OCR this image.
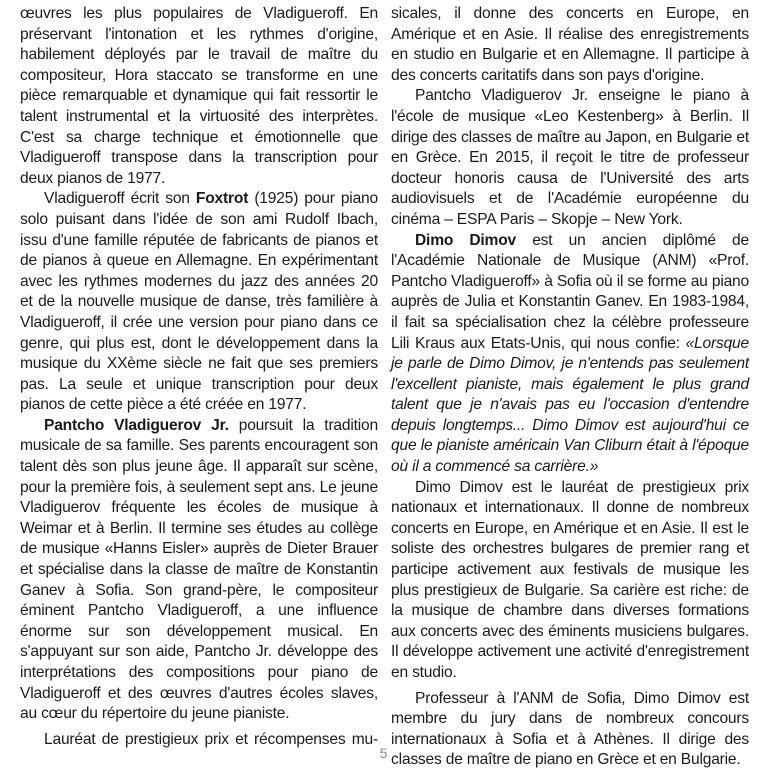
œuvres les plus populaires de Vladigueroff. En préservant l'intonation et les rythmes d'origine, habilement déployés par le travail de maître du compositeur, Hora staccato se transforme en une pièce remarquable et dynamique qui fait ressortir le talent instrumental et la virtuosité des interprètes. C'est sa charge technique et émotionnelle que Vladigueroff transpose dans la transcription pour deux pianos de 1977.

Vladigueroff écrit son Foxtrot (1925) pour piano solo puisant dans l'idée de son ami Rudolf Ibach, issu d'une famille réputée de fabricants de pianos et de pianos à queue en Allemagne. En expérimentant avec les rythmes modernes du jazz des années 20 et de la nouvelle musique de danse, très familière à Vladigueroff, il crée une version pour piano dans ce genre, qui plus est, dont le développement dans la musique du XXème siècle ne fait que ses premiers pas. La seule et unique transcription pour deux pianos de cette pièce a été créée en 1977.

Pantcho Vladiguerov Jr. poursuit la tradition musicale de sa famille. Ses parents encouragent son talent dès son plus jeune âge. Il apparaît sur scène, pour la première fois, à seulement sept ans. Le jeune Vladiguerov fréquente les écoles de musique à Weimar et à Berlin. Il termine ses études au collège de musique «Hanns Eisler» auprès de Dieter Brauer et spécialise dans la classe de maître de Konstantin Ganev à Sofia. Son grand-père, le compositeur éminent Pantcho Vladigueroff, a une influence énorme sur son développement musical. En s'appuyant sur son aide, Pantcho Jr. développe des interprétations des compositions pour piano de Vladigueroff et des œuvres d'autres écoles slaves, au cœur du répertoire du jeune pianiste.

Lauréat de prestigieux prix et récompenses mu-

sicales, il donne des concerts en Europe, en Amérique et en Asie. Il réalise des enregistrements en studio en Bulgarie et en Allemagne. Il participe à des concerts caritatifs dans son pays d'origine.

Pantcho Vladiguerov Jr. enseigne le piano à l'école de musique «Leo Kestenberg» à Berlin. Il dirige des classes de maître au Japon, en Bulgarie et en Grèce. En 2015, il reçoit le titre de professeur docteur honoris causa de l'Université des arts audiovisuels et de l'Académie européenne du cinéma – ESPA Paris – Skopje – New York.

Dimo Dimov est un ancien diplômé de l'Académie Nationale de Musique (ANM) «Prof. Pantcho Vladigueroff» à Sofia où il se forme au piano auprès de Julia et Konstantin Ganev. En 1983-1984, il fait sa spécialisation chez la célèbre professeure Lili Kraus aux Etats-Unis, qui nous confie: «Lorsque je parle de Dimo Dimov, je n'entends pas seulement l'excellent pianiste, mais également le plus grand talent que je n'avais pas eu l'occasion d'entendre depuis longtemps... Dimo Dimov est aujourd'hui ce que le pianiste américain Van Cliburn était à l'époque où il a commencé sa carrière.»

Dimo Dimov est le lauréat de prestigieux prix nationaux et internationaux. Il donne de nombreux concerts en Europe, en Amérique et en Asie. Il est le soliste des orchestres bulgares de premier rang et participe activement aux festivals de musique les plus prestigieux de Bulgarie. Sa carière est riche: de la musique de chambre dans diverses formations aux concerts avec des éminents musiciens bulgares. Il développe activement une activité d'enregistrement en studio.

Professeur à l'ANM de Sofia, Dimo Dimov est membre du jury dans de nombreux concours internationaux à Sofia et à Athènes. Il dirige des classes de maître de piano en Grèce et en Bulgarie.

5
